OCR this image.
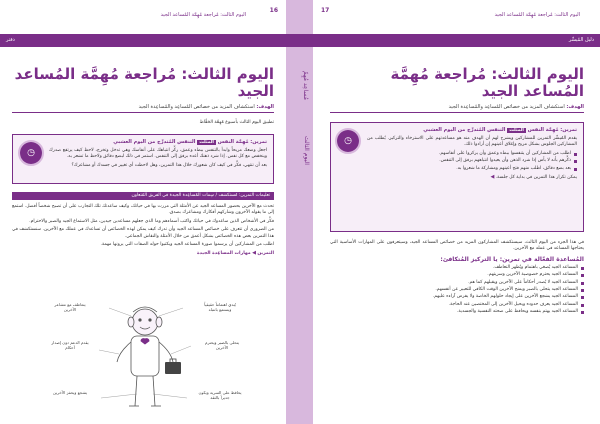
اليوم الثالث: مُراجعة مُهِمَّة المُساعد الجيد
16
دفتر
اليوم الثالث: مُراجعة مُهِمَّة المُساعد الجيد
الهدف: استكشاف المزيد من خصائص المُساعِد والمُساعِدة الجيد
تطبيق اليوم الثالث بأسبوع مُهِمَّة الحَفَّاظ
تمرين: مُهِمَّة النفس المثلث التنفس المُتدرِّج من اليوم العشبي

اجعل وضعك مريحاً وابدأ بالتنفس ببطء وعمق، ركِّز انتباهك على أنفاسك وهي تدخل وتخرج، لاحظ كيف يرتفع صدرك وينخفض مع كل نفس. إذا شرد ذهنك أعده برفق إلى التنفس. استمر في ذلك لبضع دقائق ولاحظ ما تشعر به.

بعد أن تنتهي، فكِّر في كيف كان شعورك خلال هذا التمرين، وهل لاحظت أي تغيير في جسدك أو مشاعرك؟

◷
تعليمات التمرين: مُستكشف / سِمات المُساعِدة الجيدة في الفريق المُتعاون

تحدث مع الآخرين بحضور المساعد الجيد عن الأمثلة التي مررت بها في حياتك، وكيف ساعدتك تلك التجارب على أن تصبح شخصاً أفضل. استمع إلى ما يقوله الآخرون وشاركهم أفكارك ومشاعرك بصدق.

فكِّر في الأشخاص الذين ساعدوك في حياتك واكتب أسماءهم وما الذي جعلهم مساعدين جيدين، مثل الاستماع الجيد والصبر والاحترام.

من الضروري أن تتعرف على خصائص المساعد الجيد وأن تدرك كيف يمكن لهذه الخصائص أن تساعدك في عملك مع الآخرين. سنستكشف في هذا التمرين بعض هذه الخصائص بشكل أعمق من خلال الأمثلة والنقاش الجماعي.

اطلب من المشاركين أن يرسموا صورة المساعد الجيد ويكتبوا حوله الصفات التي يرونها مهمة.

التمرين ◀ مهارات المساعِدة الجيدة

يُبدي اهتماماً حقيقياً ويستمع بانتباه
يتحلى بالصبر ويحترم الآخرين
يحافظ على السرية ويكون جديراً بالثقة
يتعاطف مع مشاعر الآخرين
يقدم الدعم دون إصدار أحكام
يشجع ويحفز الآخرين
مُساعِد مُهِمّ
اليوم الثالث: مُراجعة مُهِمَّة المُساعد الجيد
17
دليل المُيسِّر
اليوم الثالث: مُراجعة مُهِمَّة المُساعد الجيد
الهدف: استكشاف المزيد من خصائص المُساعِد والمُساعِدة الجيد
تمرين: مُهِمَّة النفس المثلث التنفس المُتدرِّج من اليوم العشبي

يقدم المُيسِّر التمرين للمشاركين ويشرح لهم أن الهدف منه هو مساعدتهم على الاسترخاء والتركيز. يُطلب من المشاركين الجلوس بشكل مريح وإغلاق أعينهم إن أرادوا ذلك.

اطلب من المشاركين أن يتنفسوا ببطء وعمق وأن يركزوا على أنفاسهم.
ذكِّرهم بأنه لا بأس إذا شرد الذهن وأن يعيدوا انتباههم برفق إلى التنفس.
بعد بضع دقائق، اطلب منهم فتح أعينهم ومشاركة ما شعروا به.
يمكن تكرار هذا التمرين في بداية كل جلسة. ◀
◷
في هذا الجزء من اليوم الثالث، سيستكشف المشاركون المزيد من خصائص المساعد الجيد، وسيتعرفون على المهارات الأساسية التي يحتاجها المساعد في عمله مع الآخرين.
المُساعدة الفعّالة في تمرين: يا التركيز المُتكافئ:
المساعد الجيد يُصغي باهتمام ويُظهر التعاطف.
المساعد الجيد يحترم خصوصية الآخرين وسريتهم.
المساعد الجيد لا يُصدر أحكاماً على الآخرين ويقبلهم كما هم.
المساعد الجيد يتحلى بالصبر ويمنح الآخرين الوقت الكافي للتعبير عن أنفسهم.
المساعد الجيد يشجع الآخرين على إيجاد حلولهم الخاصة ولا يفرض آراءه عليهم.
المساعد الجيد يعرف حدوده ويحيل الآخرين إلى المختصين عند الحاجة.
المساعد الجيد يهتم بنفسه ويحافظ على صحته النفسية والجسدية.
اليوم الثالث
